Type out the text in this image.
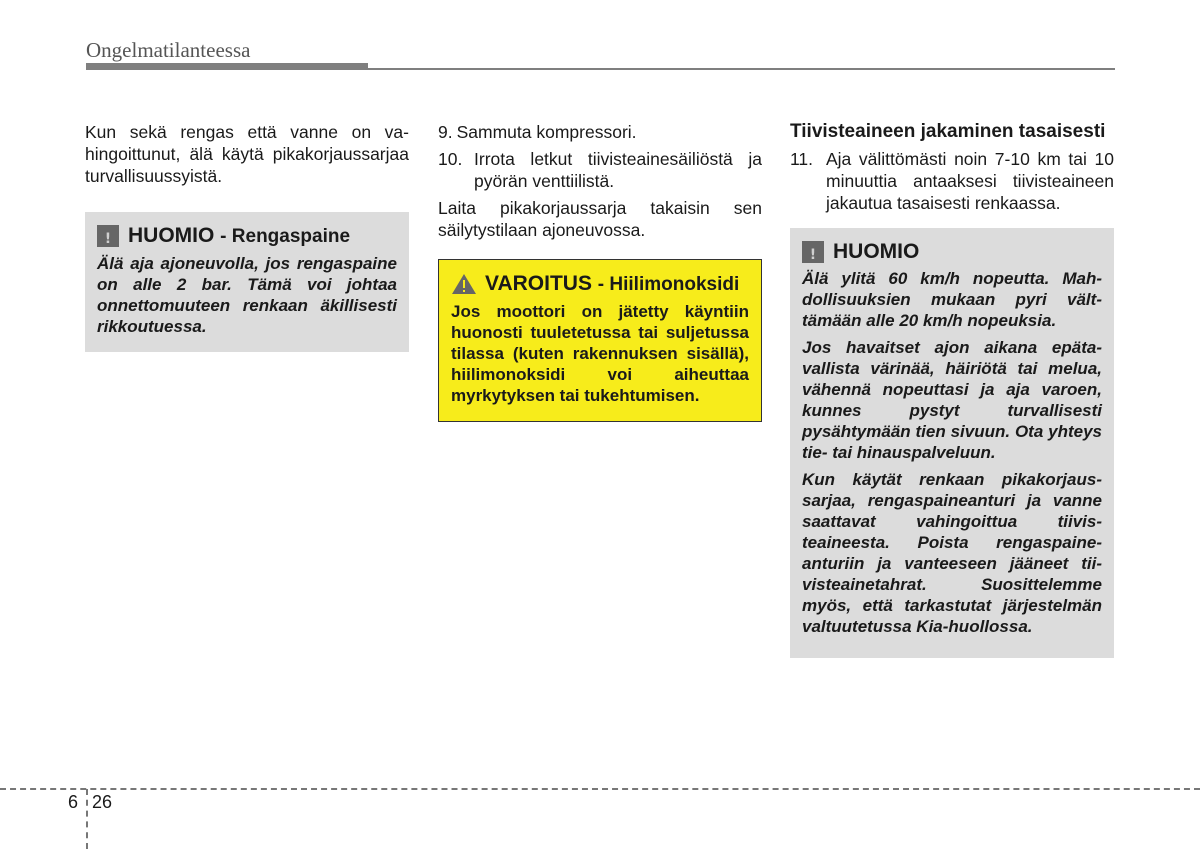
Ongelmatilanteessa

Kun sekä rengas että vanne on vahingoittunut, älä käytä pikakorjaussarjaa turvallisuussyistä.

!
HUOMIO - Rengaspaine
Älä aja ajoneuvolla, jos rengaspaine on alle 2 bar. Tämä voi johtaa onnettomuuteen renkaan äkillisesti rikkoutuessa.
9. Sammuta kompressori.
10. Irrota letkut tiivisteainesäiliöstä ja pyörän venttiilistä.

Laita pikakorjaussarja takaisin sen säilytystilaan ajoneuvossa.

VAROITUS - Hiilimonoksidi
Jos moottori on jätetty käyntiin huonosti tuuletetussa tai suljetussa tilassa (kuten rakennuksen sisällä), hiilimonoksidi voi aiheuttaa myrkytyksen tai tukehtumisen.
Tiivisteaineen jakaminen tasaisesti
11. Aja välittömästi noin 7-10 km tai 10 minuuttia antaaksesi tiivisteaineen jakautua tasaisesti renkaassa.
!
HUOMIO

Älä ylitä 60 km/h nopeutta. Mahdollisuuksien mukaan pyri välttämään alle 20 km/h nopeuksia.

Jos havaitset ajon aikana epätavallista värinää, häiriötä tai melua, vähennä nopeuttasi ja aja varoen, kunnes pystyt turvallisesti pysähtymään tien sivuun. Ota yhteys tie- tai hinauspalveluun.

Kun käytät renkaan pikakorjaussarjaa, rengaspaineanturi ja vanne saattavat vahingoittua tiivisteaineesta. Poista rengaspaineanturiin ja vanteeseen jääneet tiivisteainetahrat. Suosittelemme myös, että tarkastutat järjestelmän valtuutetussa Kia-huollossa.

6 26
